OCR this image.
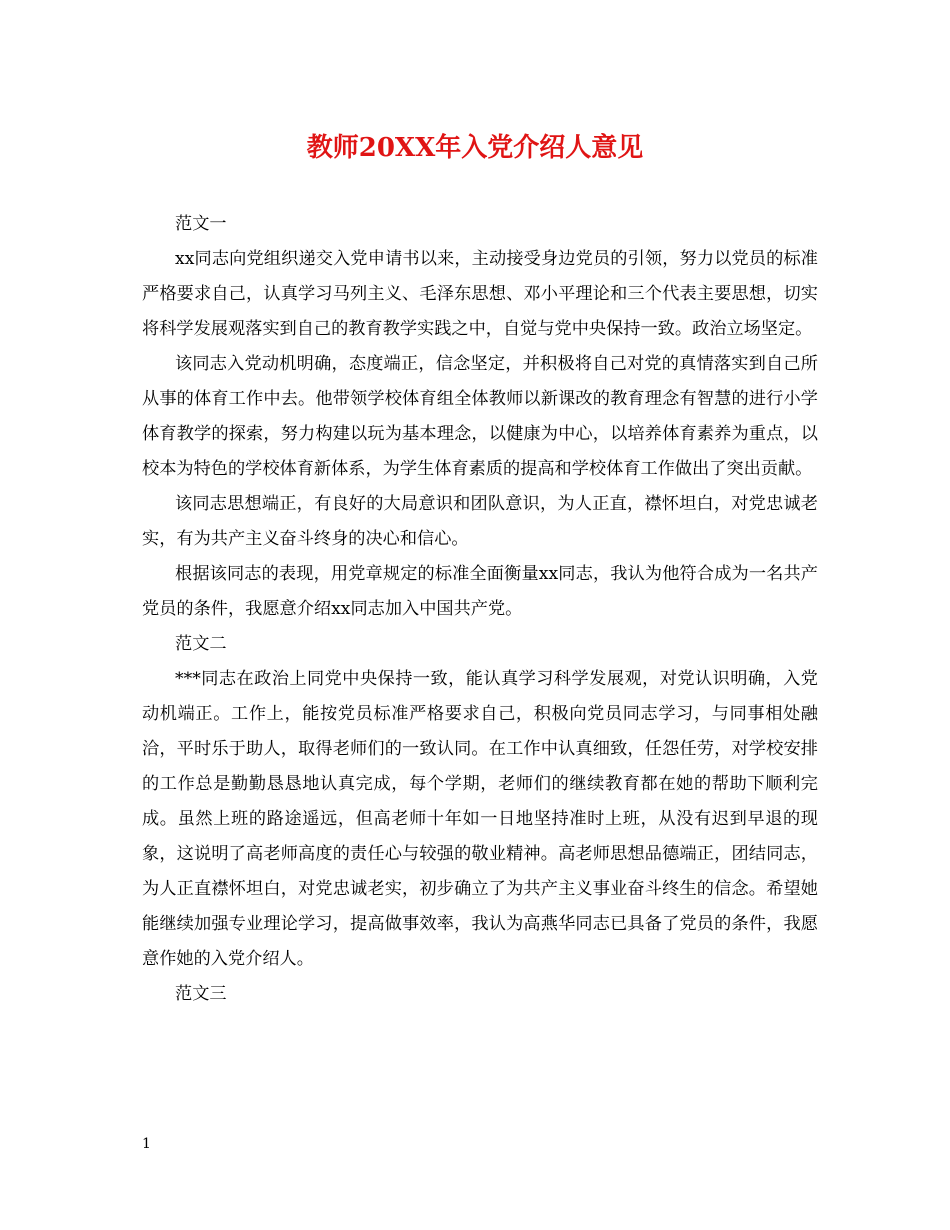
教师20XX年入党介绍人意见

范文一

xx同志向党组织递交入党申请书以来，主动接受身边党员的引领，努力以党员的标准严格要求自己，认真学习马列主义、毛泽东思想、邓小平理论和三个代表主要思想，切实将科学发展观落实到自己的教育教学实践之中，自觉与党中央保持一致。政治立场坚定。

该同志入党动机明确，态度端正，信念坚定，并积极将自己对党的真情落实到自己所从事的体育工作中去。他带领学校体育组全体教师以新课改的教育理念有智慧的进行小学体育教学的探索，努力构建以玩为基本理念，以健康为中心，以培养体育素养为重点，以校本为特色的学校体育新体系，为学生体育素质的提高和学校体育工作做出了突出贡献。

该同志思想端正，有良好的大局意识和团队意识，为人正直，襟怀坦白，对党忠诚老实，有为共产主义奋斗终身的决心和信心。

根据该同志的表现，用党章规定的标准全面衡量xx同志，我认为他符合成为一名共产党员的条件，我愿意介绍xx同志加入中国共产党。

范文二

***同志在政治上同党中央保持一致，能认真学习科学发展观，对党认识明确，入党动机端正。工作上，能按党员标准严格要求自己，积极向党员同志学习，与同事相处融洽，平时乐于助人，取得老师们的一致认同。在工作中认真细致，任怨任劳，对学校安排的工作总是勤勤恳恳地认真完成，每个学期，老师们的继续教育都在她的帮助下顺利完成。虽然上班的路途遥远，但高老师十年如一日地坚持准时上班，从没有迟到早退的现象，这说明了高老师高度的责任心与较强的敬业精神。高老师思想品德端正，团结同志，为人正直襟怀坦白，对党忠诚老实，初步确立了为共产主义事业奋斗终生的信念。希望她能继续加强专业理论学习，提高做事效率，我认为高燕华同志已具备了党员的条件，我愿意作她的入党介绍人。

范文三

1
